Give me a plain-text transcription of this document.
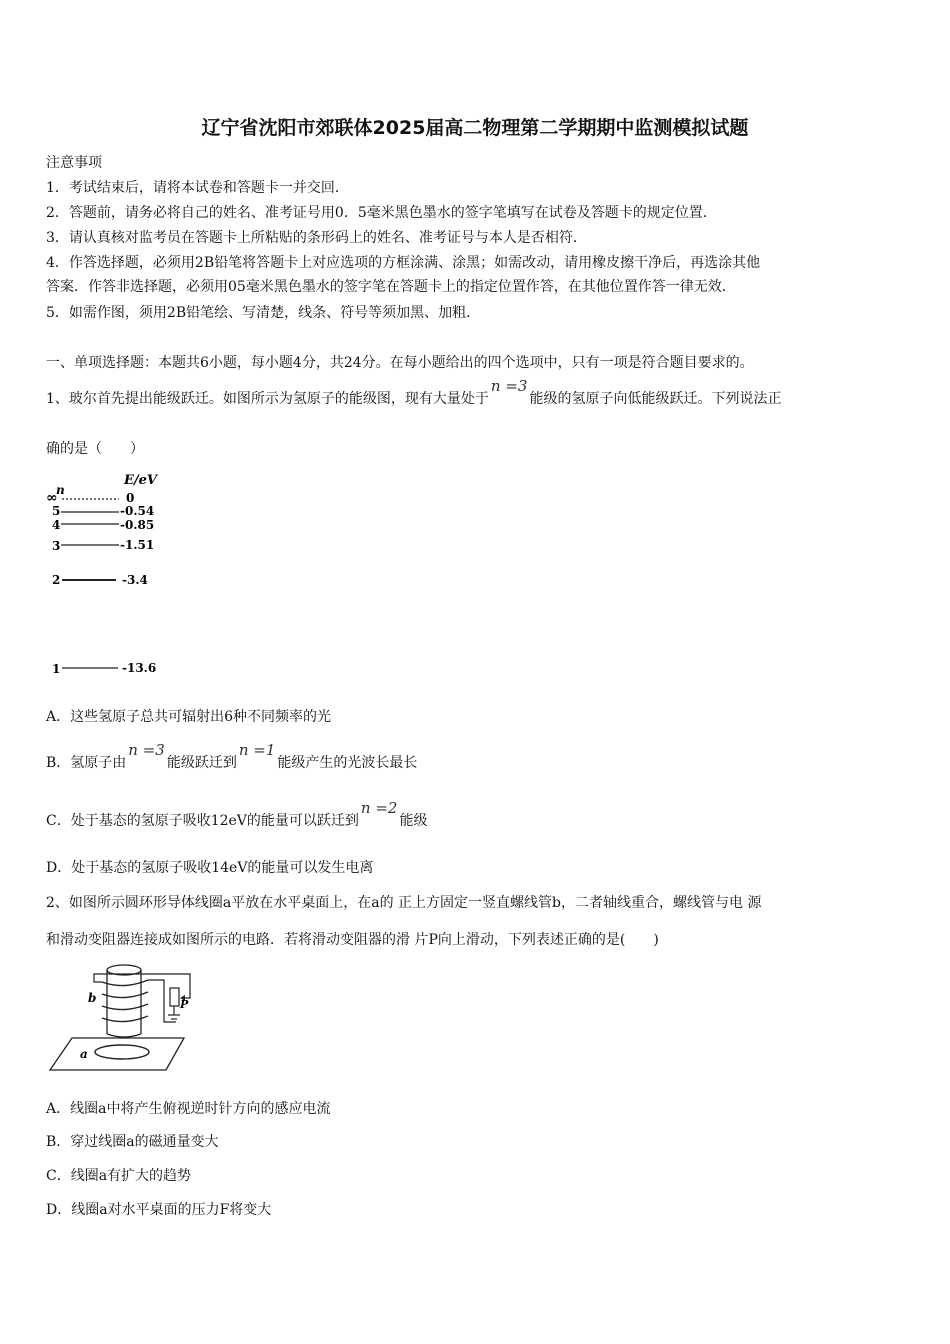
辽宁省沈阳市郊联体2025届高二物理第二学期期中监测模拟试题
注意事项
1．考试结束后，请将本试卷和答题卡一并交回．
2．答题前，请务必将自己的姓名、准考证号用0．5毫米黑色墨水的签字笔填写在试卷及答题卡的规定位置．
3．请认真核对监考员在答题卡上所粘贴的条形码上的姓名、准考证号与本人是否相符．
4．作答选择题，必须用2B铅笔将答题卡上对应选项的方框涂满、涂黑；如需改动，请用橡皮擦干净后，再选涂其他
答案．作答非选择题，必须用05毫米黑色墨水的签字笔在答题卡上的指定位置作答，在其他位置作答一律无效．
5．如需作图，须用2B铅笔绘、写清楚，线条、符号等须加黑、加粗．
一、单项选择题：本题共6小题，每小题4分，共24分。在每小题给出的四个选项中，只有一项是符合题目要求的。
1、玻尔首先提出能级跃迁。如图所示为氢原子的能级图，现有大量处于n =3能级的氢原子向低能级跃迁。下列说法正
确的是（　　）
E/eV
n
∞	0
5	-0.54
4	-0.85
3	-1.51
2	-3.4
1	-13.6
A．这些氢原子总共可辐射出6种不同频率的光
B．氢原子由n =3能级跃迁到n =1能级产生的光波长最长
C．处于基态的氢原子吸收12eV的能量可以跃迁到n =2能级
D．处于基态的氢原子吸收14eV的能量可以发生电离
2、如图所示圆环形导体线圈a平放在水平桌面上，在a的 正上方固定一竖直螺线管b，二者轴线重合，螺线管与电 源
和滑动变阻器连接成如图所示的电路．若将滑动变阻器的滑 片P向上滑动，下列表述正确的是(　　)
a
b	P
A．线圈a中将产生俯视逆时针方向的感应电流
B．穿过线圈a的磁通量变大
C．线圈a有扩大的趋势
D．线圈a对水平桌面的压力F将变大
